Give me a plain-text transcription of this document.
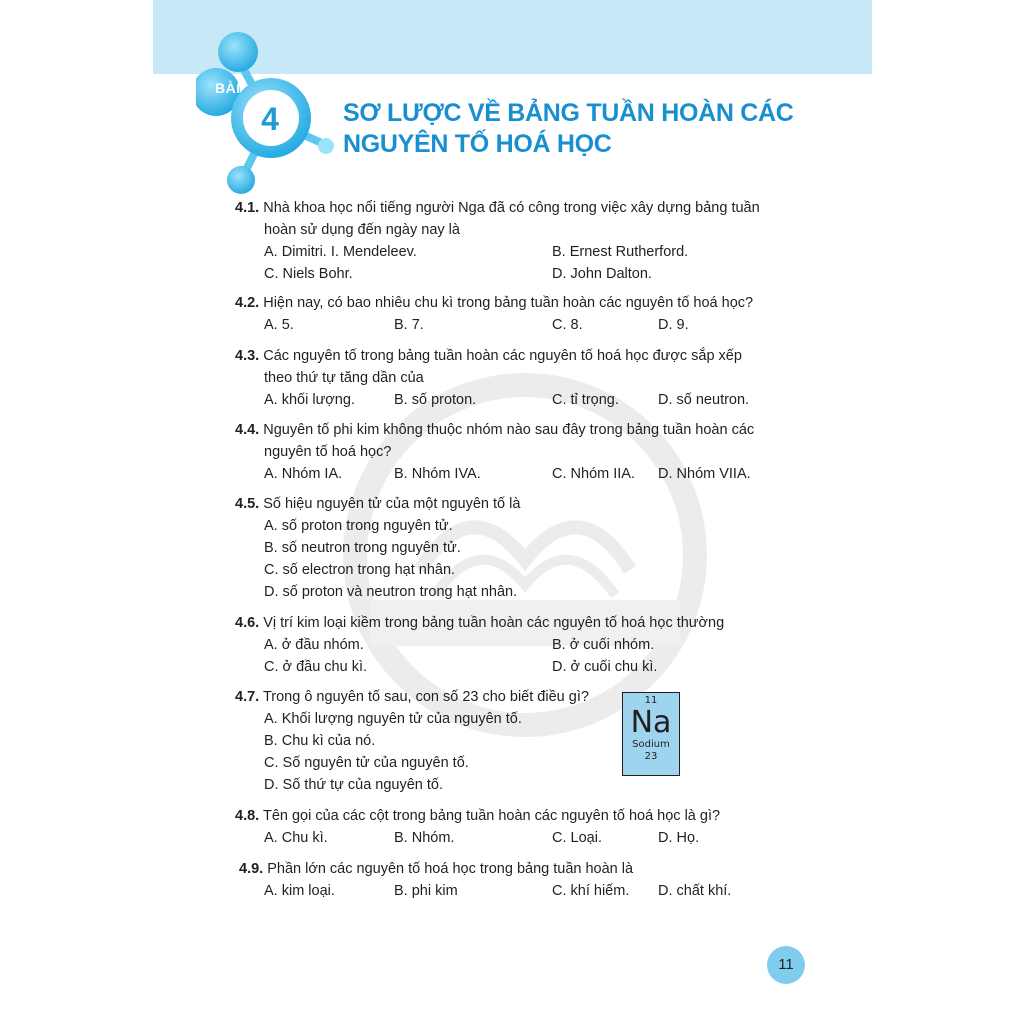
BÀI
4	SƠ LƯỢC VỀ BẢNG TUẦN HOÀN CÁC
NGUYÊN TỐ HOÁ HỌC
4.1. Nhà khoa học nổi tiếng người Nga đã có công trong việc xây dựng bảng tuần
hoàn sử dụng đến ngày nay là
A. Dimitri. I. Mendeleev.	B. Ernest Rutherford.
C. Niels Bohr.	D. John Dalton.
4.2. Hiện nay, có bao nhiêu chu kì trong bảng tuần hoàn các nguyên tố hoá học?
A. 5.	B. 7.	C. 8.	D. 9.
4.3. Các nguyên tố trong bảng tuần hoàn các nguyên tố hoá học được sắp xếp
theo thứ tự tăng dần của
A. khối lượng.	B. số proton.	C. tỉ trọng.	D. số neutron.
4.4. Nguyên tố phi kim không thuộc nhóm nào sau đây trong bảng tuần hoàn các
nguyên tố hoá học?
A. Nhóm IA.	B. Nhóm IVA.	C. Nhóm IIA. D. Nhóm VIIA.
4.5. Số hiệu nguyên tử của một nguyên tố là
A. số proton trong nguyên tử.
B. số neutron trong nguyên tử.
C. số electron trong hạt nhân.
D. số proton và neutron trong hạt nhân.
4.6. Vị trí kim loại kiềm trong bảng tuần hoàn các nguyên tố hoá học thường
A. ở đầu nhóm.	B. ở cuối nhóm.
C. ở đầu chu kì.	D. ở cuối chu kì.
4.7. Trong ô nguyên tố sau, con số 23 cho biết điều gì?
A. Khối lượng nguyên tử của nguyên tố.
B. Chu kì của nó.
C. Số nguyên tử của nguyên tố.
D. Số thứ tự của nguyên tố.
11
Na
Sodium
23
4.8. Tên gọi của các cột trong bảng tuần hoàn các nguyên tố hoá học là gì?
A. Chu kì.	B. Nhóm.	C. Loại.	D. Họ.
4.9. Phần lớn các nguyên tố hoá học trong bảng tuần hoàn là
A. kim loại.	B. phi kim	C. khí hiếm. D. chất khí.
11
